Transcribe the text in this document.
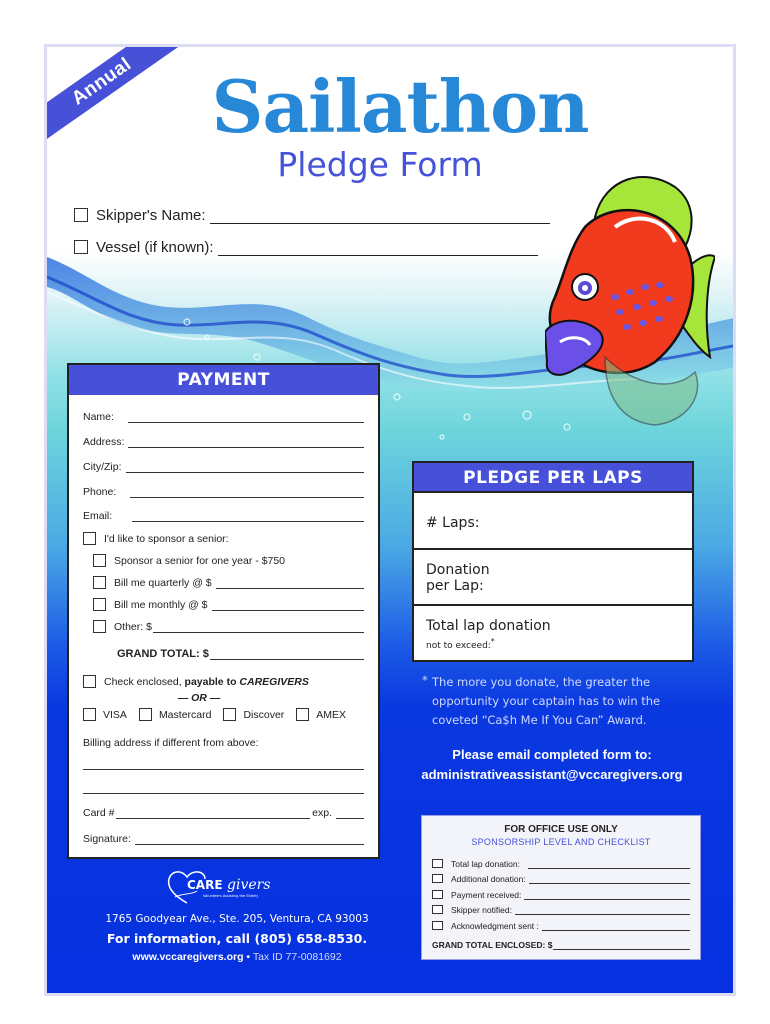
Annual	Sailathon
Pledge Form
Skipper's Name:
Vessel (if known):
PAYMENT
Name:
Address:
City/Zip:
Phone:
Email:
I'd like to sponsor a senior:
Sponsor a senior for one year - $750
Bill me quarterly @ $
Bill me monthly @ $
Other: $
GRAND TOTAL: $
Check enclosed, payable to CAREGIVERS
— OR —
VISA	Mastercard	Discover	AMEX
Billing address if different from above:
Card #	exp.
Signature:
PLEDGE PER LAPS
# Laps:
Donation
per Lap:
Total lap donation
not to exceed:*
* The more you donate, the greater the opportunity your captain has to win the coveted “Ca$h Me If You Can” Award.
Please email completed form to:
administrativeassistant@vccaregivers.org
FOR OFFICE USE ONLY
SPONSORSHIP LEVEL AND CHECKLIST
Total lap donation:
Additional donation:
Payment received:
Skipper notified:
Acknowledgment sent :
GRAND TOTAL ENCLOSED: $
CARE givers
Volunteers Assisting the Elderly
1765 Goodyear Ave., Ste. 205, Ventura, CA 93003
For information, call (805) 658-8530.
www.vccaregivers.org • Tax ID 77-0081692
